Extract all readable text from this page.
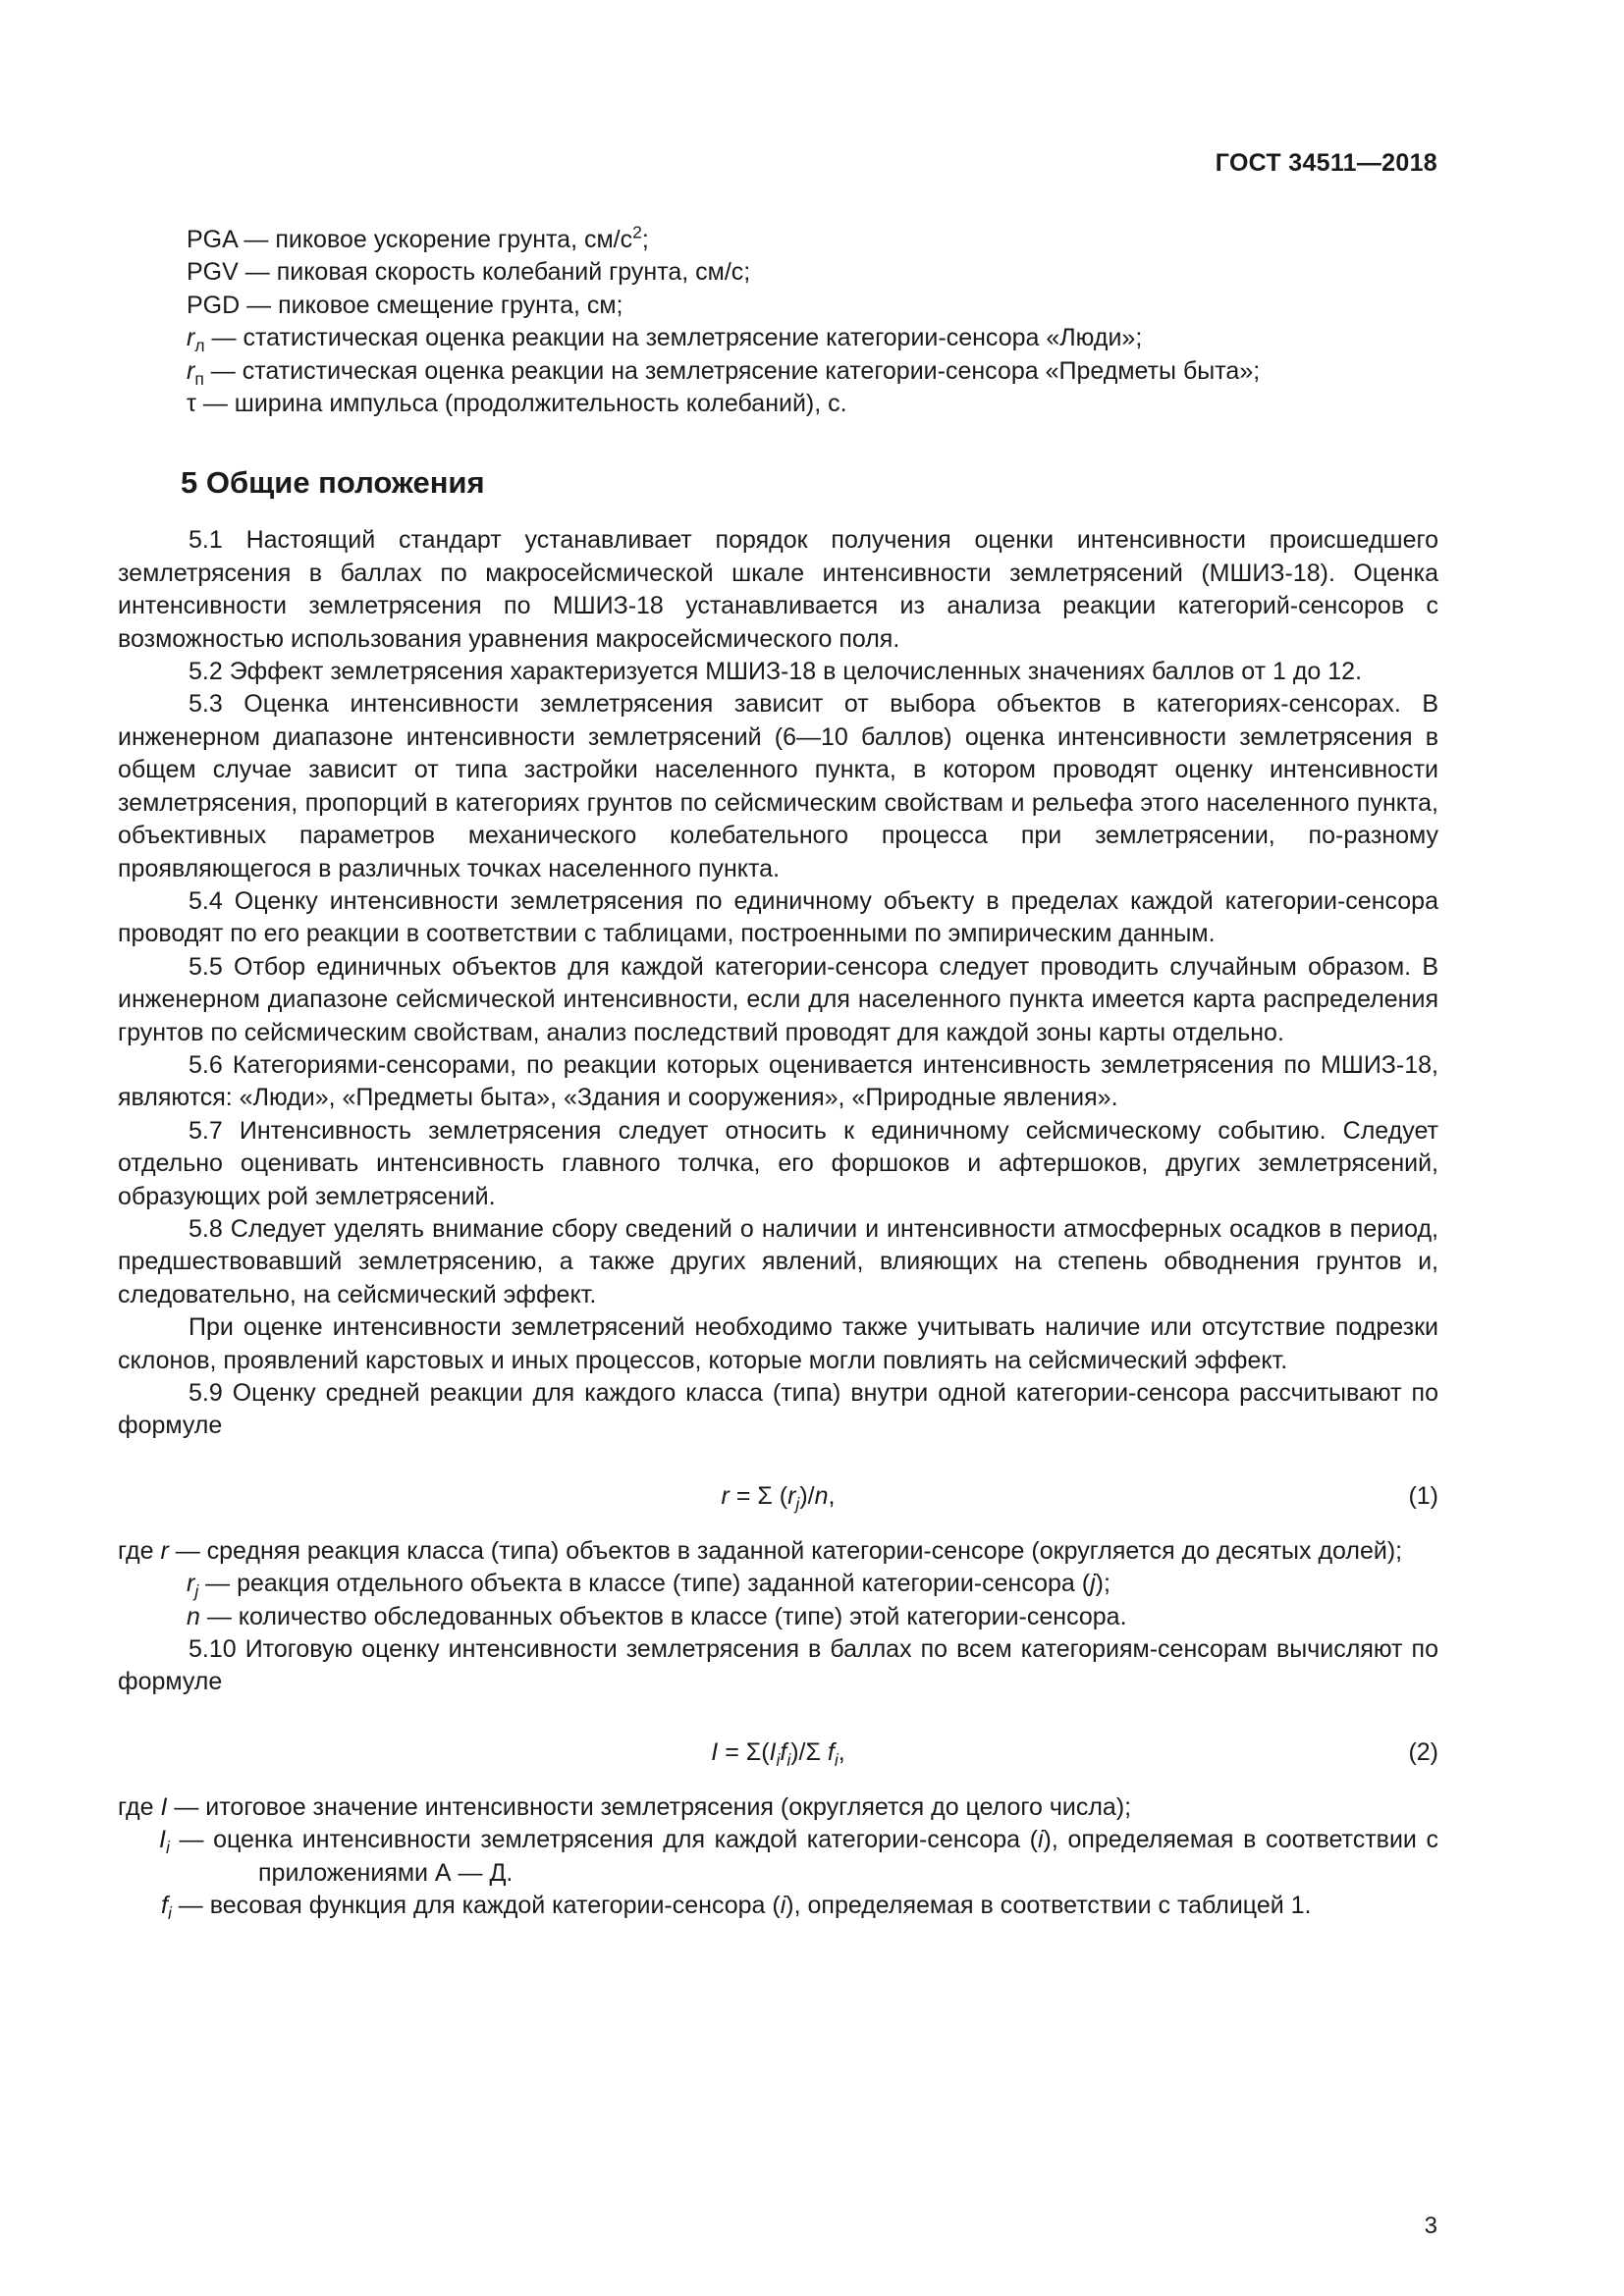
ГОСТ 34511—2018
PGA — пиковое ускорение грунта, $см/с^2$;
PGV — пиковая скорость колебаний грунта, см/с;
PGD — пиковое смещение грунта, см;
$r_л$ — статистическая оценка реакции на землетрясение категории-сенсора «Люди»;
$r_п$ — статистическая оценка реакции на землетрясение категории-сенсора «Предметы быта»;
τ — ширина импульса (продолжительность колебаний), с.
5 Общие положения

5.1 Настоящий стандарт устанавливает порядок получения оценки интенсивности происшедшего землетрясения в баллах по макросейсмической шкале интенсивности землетрясений (МШИЗ-18). Оценка интенсивности землетрясения по МШИЗ-18 устанавливается из анализа реакции категорий-сенсоров с возможностью использования уравнения макросейсмического поля.

5.2 Эффект землетрясения характеризуется МШИЗ-18 в целочисленных значениях баллов от 1 до 12.

5.3 Оценка интенсивности землетрясения зависит от выбора объектов в категориях-сенсорах. В инженерном диапазоне интенсивности землетрясений (6—10 баллов) оценка интенсивности землетрясения в общем случае зависит от типа застройки населенного пункта, в котором проводят оценку интенсивности землетрясения, пропорций в категориях грунтов по сейсмическим свойствам и рельефа этого населенного пункта, объективных параметров механического колебательного процесса при землетрясении, по-разному проявляющегося в различных точках населенного пункта.

5.4 Оценку интенсивности землетрясения по единичному объекту в пределах каждой категории-сенсора проводят по его реакции в соответствии с таблицами, построенными по эмпирическим данным.

5.5 Отбор единичных объектов для каждой категории-сенсора следует проводить случайным образом. В инженерном диапазоне сейсмической интенсивности, если для населенного пункта имеется карта распределения грунтов по сейсмическим свойствам, анализ последствий проводят для каждой зоны карты отдельно.

5.6 Категориями-сенсорами, по реакции которых оценивается интенсивность землетрясения по МШИЗ-18, являются: «Люди», «Предметы быта», «Здания и сооружения», «Природные явления».

5.7 Интенсивность землетрясения следует относить к единичному сейсмическому событию. Следует отдельно оценивать интенсивность главного толчка, его форшоков и афтершоков, других землетрясений, образующих рой землетрясений.

5.8 Следует уделять внимание сбору сведений о наличии и интенсивности атмосферных осадков в период, предшествовавший землетрясению, а также других явлений, влияющих на степень обводнения грунтов и, следовательно, на сейсмический эффект.

При оценке интенсивности землетрясений необходимо также учитывать наличие или отсутствие подрезки склонов, проявлений карстовых и иных процессов, которые могли повлиять на сейсмический эффект.

5.9 Оценку средней реакции для каждого класса (типа) внутри одной категории-сенсора рассчитывают по формуле

r = Σ $(r_j)/n$,	(1)
где r — средняя реакция класса (типа) объектов в заданной категории-сенсоре (округляется до десятых долей);
$r_j$ — реакция отдельного объекта в классе (типе) заданной категории-сенсора (j);
n — количество обследованных объектов в классе (типе) этой категории-сенсора.

5.10 Итоговую оценку интенсивности землетрясения в баллах по всем категориям-сенсорам вычисляют по формуле

$I = \Sigma(I_if_i)/\Sigma$ $f_i$,	(2)
где I — итоговое значение интенсивности землетрясения (округляется до целого числа);
$I_i$ — оценка интенсивности землетрясения для каждой категории-сенсора (i), определяемая в соответствии с приложениями А — Д.
$f_i$ — весовая функция для каждой категории-сенсора (i), определяемая в соответствии с таблицей 1.
3
